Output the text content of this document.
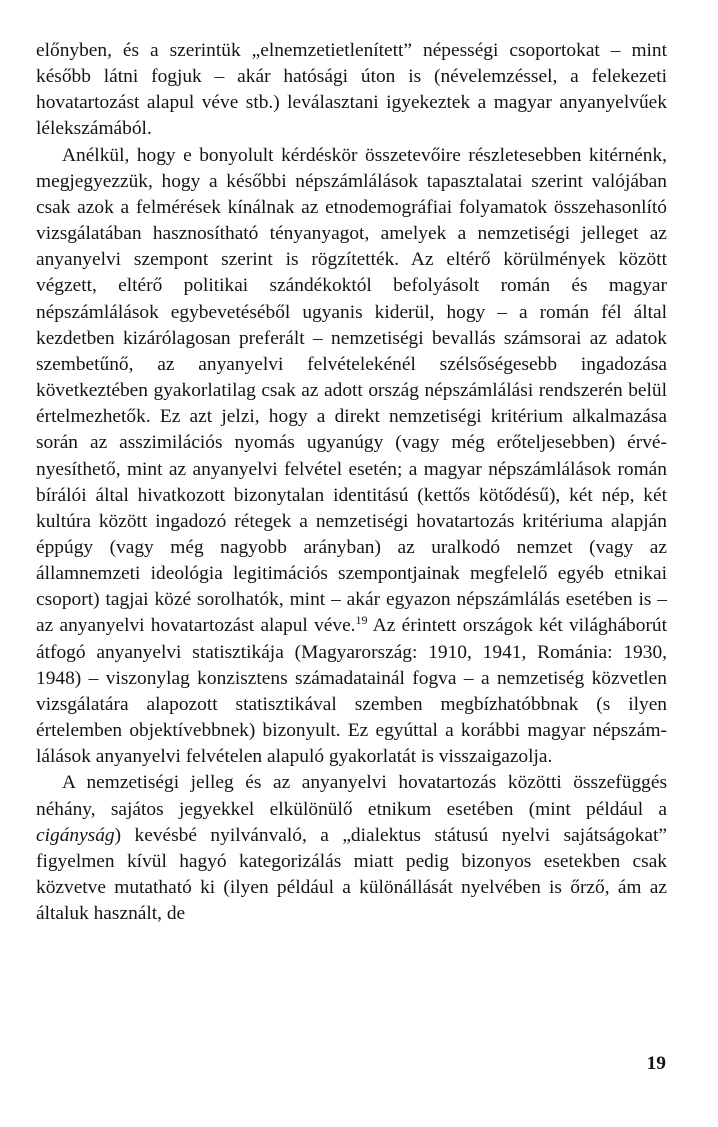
előnyben, és a szerintük „elnemzetietlenített” népességi csoportokat – mint később látni fogjuk – akár hatósági úton is (névelemzéssel, a felekezeti hovatartozást alapul véve stb.) leválasztani igyekeztek a magyar anyanyelvűek lélekszámából.

Anélkül, hogy e bonyolult kérdéskör összetevőire részletesebben kitérnénk, megjegyezzük, hogy a későbbi népszámlálások tapasztalatai szerint valójában csak azok a felmérések kínálnak az etnodemográfiai folyamatok összehasonlító vizsgálatában hasznosítható tényanyagot, amelyek a nemzetiségi jelleget az anyanyelvi szempont szerint is rögzítették. Az eltérő körülmények között végzett, eltérő politikai szándékoktól befolyásolt román és magyar népszámlálások egybevetéséből ugyanis kiderül, hogy – a román fél által kezdetben kizárólagosan preferált – nemzetiségi bevallás számsorai az adatok szembetűnő, az anyanyelvi felvételekénél szélsőségesebb ingadozása következtében gyakorlatilag csak az adott ország népszámlálási rendszerén belül értelmezhetők. Ez azt jelzi, hogy a direkt nemzetiségi kritérium alkalmazása során az asszimilációs nyomás ugyanúgy (vagy még erőteljesebben) érvényesíthető, mint az anyanyelvi felvétel esetén; a magyar népszámlálások román bírálói által hivatkozott bizonytalan identitású (kettős kötődésű), két nép, két kultúra között ingadozó rétegek a nemzetiségi hovatartozás kritériuma alapján éppúgy (vagy még nagyobb arányban) az uralkodó nemzet (vagy az államnemzeti ideológia legitimációs szempontjainak megfelelő egyéb etnikai csoport) tagjai közé sorolhatók, mint – akár egyazon népszámlálás esetében is – az anyanyelvi hovatartozást alapul véve.$^{19}$ Az érintett országok két világháborút átfogó anyanyelvi statisztikája (Magyarország: 1910, 1941, Románia: 1930, 1948) – viszonylag konzisztens számadatainál fogva – a nemzetiség közvetlen vizsgálatára alapozott statisztikával szemben megbízhatóbbnak (s ilyen értelemben objektívebbnek) bizonyult. Ez egyúttal a korábbi magyar népszámlálások anyanyelvi felvételen alapuló gyakorlatát is visszaigazolja.

A nemzetiségi jelleg és az anyanyelvi hovatartozás közötti összefüggés néhány, sajátos jegyekkel elkülönülő etnikum esetében (mint például a cigányság) kevésbé nyilvánvaló, a „dialektus státusú nyelvi sajátságokat” figyelmen kívül hagyó kategorizálás miatt pedig bizonyos esetekben csak közvetve mutatható ki (ilyen például a különállását nyelvében is őrző, ám az általuk használt, de

19
